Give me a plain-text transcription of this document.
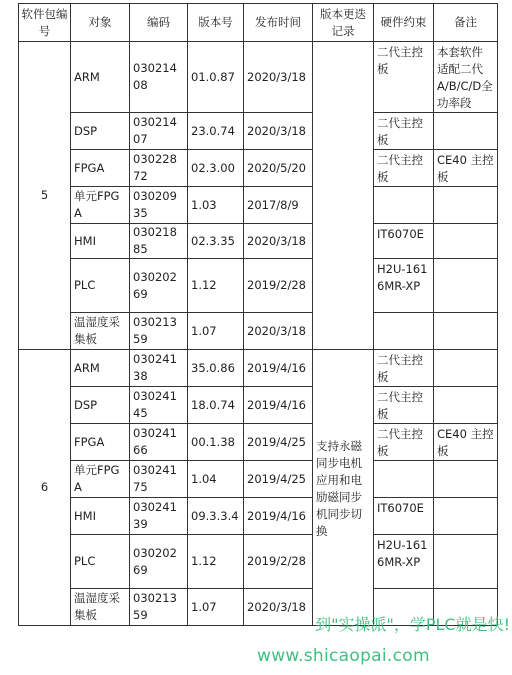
软件包编号	对象	编码	版本号	发布时间	版本更迭记录	硬件约束	备注
5	ARM	03021408	01.0.87	2020/3/18		二代主控板	本套软件适配二代A/B/C/D全功率段
	DSP	03021407	23.0.74	2020/3/18		二代主控板	
	FPGA	03022872	02.3.00	2020/5/20		二代主控板	CE40 主控板
	单元FPGA	03020935	1.03	2017/8/9			
	HMI	03021885	02.3.35	2020/3/18		IT6070E	
	PLC	03020269	1.12	2019/2/28		H2U-1616MR-XP	
	温湿度采集板	03021359	1.07	2020/3/18			
6	ARM	03024138	35.0.86	2019/4/16	支持永磁同步电机应用和电励磁同步机同步切换	二代主控板	
	DSP	03024145	18.0.74	2019/4/16		二代主控板	
	FPGA	03024166	00.1.38	2019/4/25		二代主控板	CE40 主控板
	单元FPGA	03024175	1.04	2019/4/25			
	HMI	03024139	09.3.3.4	2019/4/16		IT6070E	
	PLC	03020269	1.12	2019/2/28		H2U-1616MR-XP	
	温湿度采集板	03021359	1.07	2020/3/18			
到"实操派"，学PLC就是快!
www.shicaopai.com
